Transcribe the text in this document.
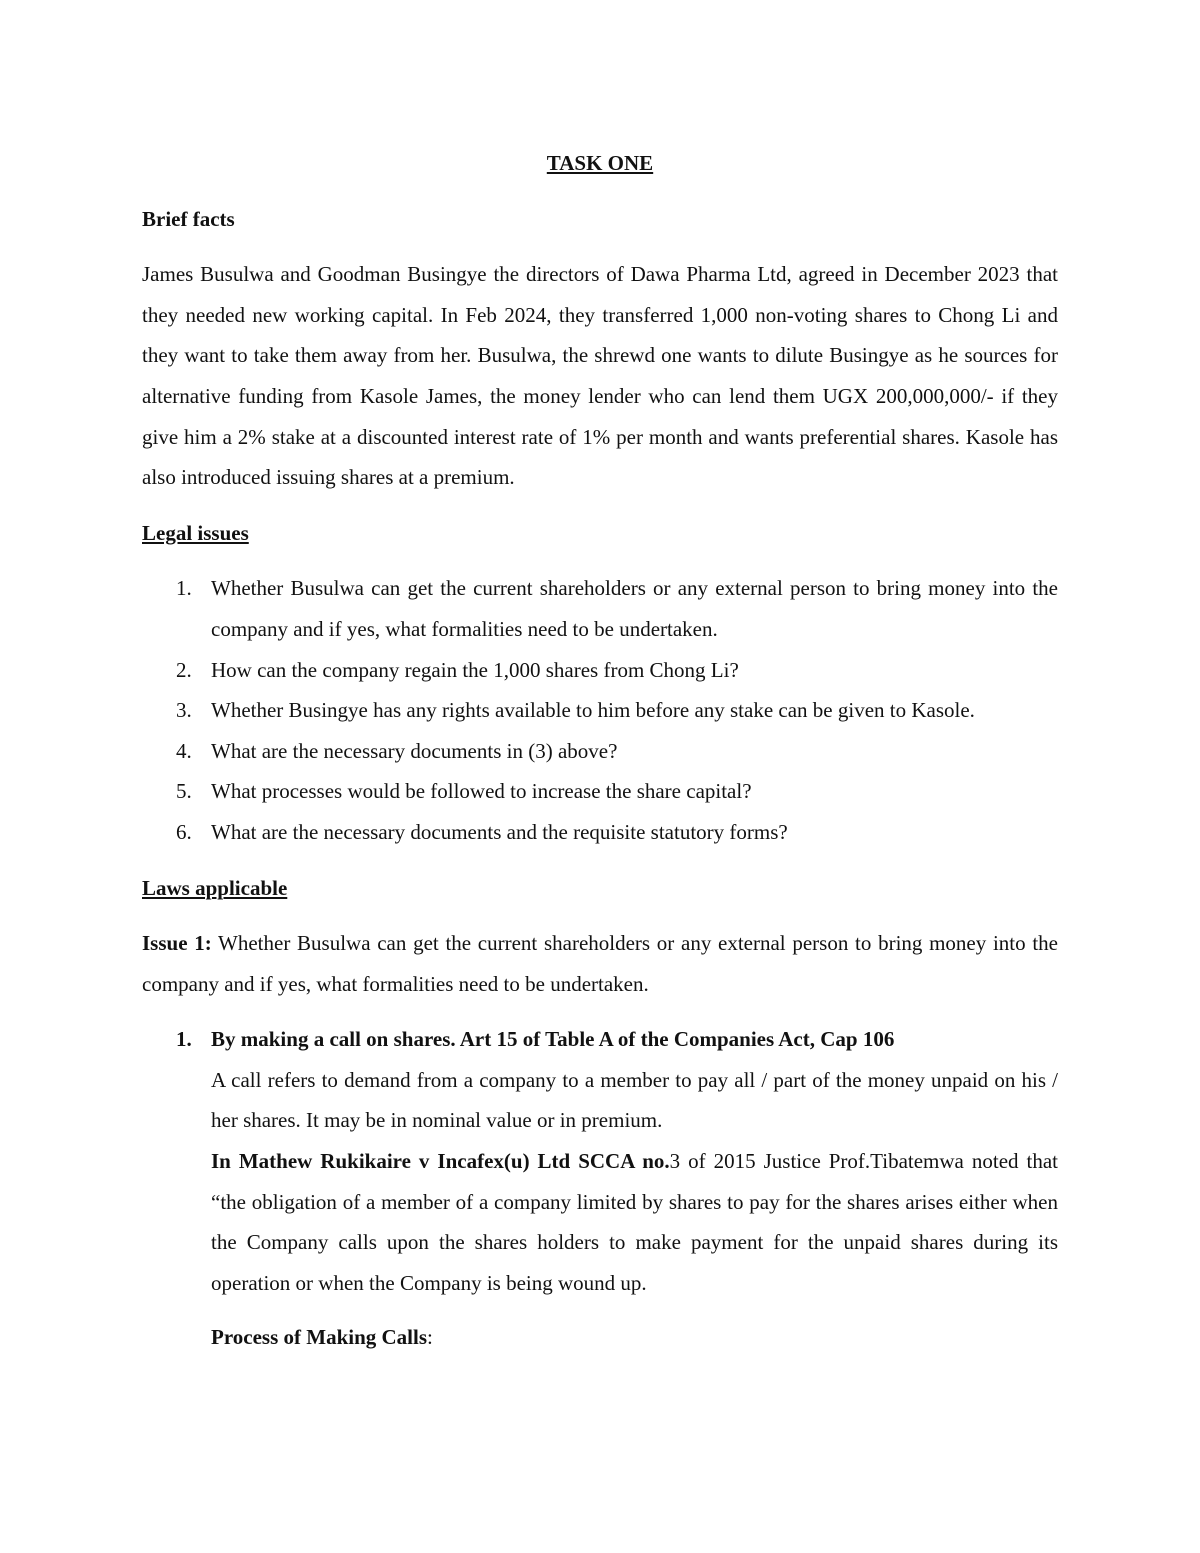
TASK ONE

Brief facts

James Busulwa and Goodman Busingye the directors of Dawa Pharma Ltd, agreed in December 2023 that they needed new working capital. In Feb 2024, they transferred 1,000 non-voting shares to Chong Li and they want to take them away from her. Busulwa, the shrewd one wants to dilute Busingye as he sources for alternative funding from Kasole James, the money lender who can lend them UGX 200,000,000/- if they give him a 2% stake at a discounted interest rate of 1% per month and wants preferential shares. Kasole has also introduced issuing shares at a premium.

Legal issues

1. Whether Busulwa can get the current shareholders or any external person to bring money into the company and if yes, what formalities need to be undertaken.
2. How can the company regain the 1,000 shares from Chong Li?
3. Whether Busingye has any rights available to him before any stake can be given to Kasole.
4. What are the necessary documents in (3) above?
5. What processes would be followed to increase the share capital?
6. What are the necessary documents and the requisite statutory forms?

Laws applicable

Issue 1: Whether Busulwa can get the current shareholders or any external person to bring money into the company and if yes, what formalities need to be undertaken.

1. By making a call on shares. Art 15 of Table A of the Companies Act, Cap 106

A call refers to demand from a company to a member to pay all / part of the money unpaid on his / her shares. It may be in nominal value or in premium.

In Mathew Rukikaire v Incafex(u) Ltd SCCA no.3 of 2015 Justice Prof.Tibatemwa noted that “the obligation of a member of a company limited by shares to pay for the shares arises either when the Company calls upon the shares holders to make payment for the unpaid shares during its operation or when the Company is being wound up.

Process of Making Calls:
